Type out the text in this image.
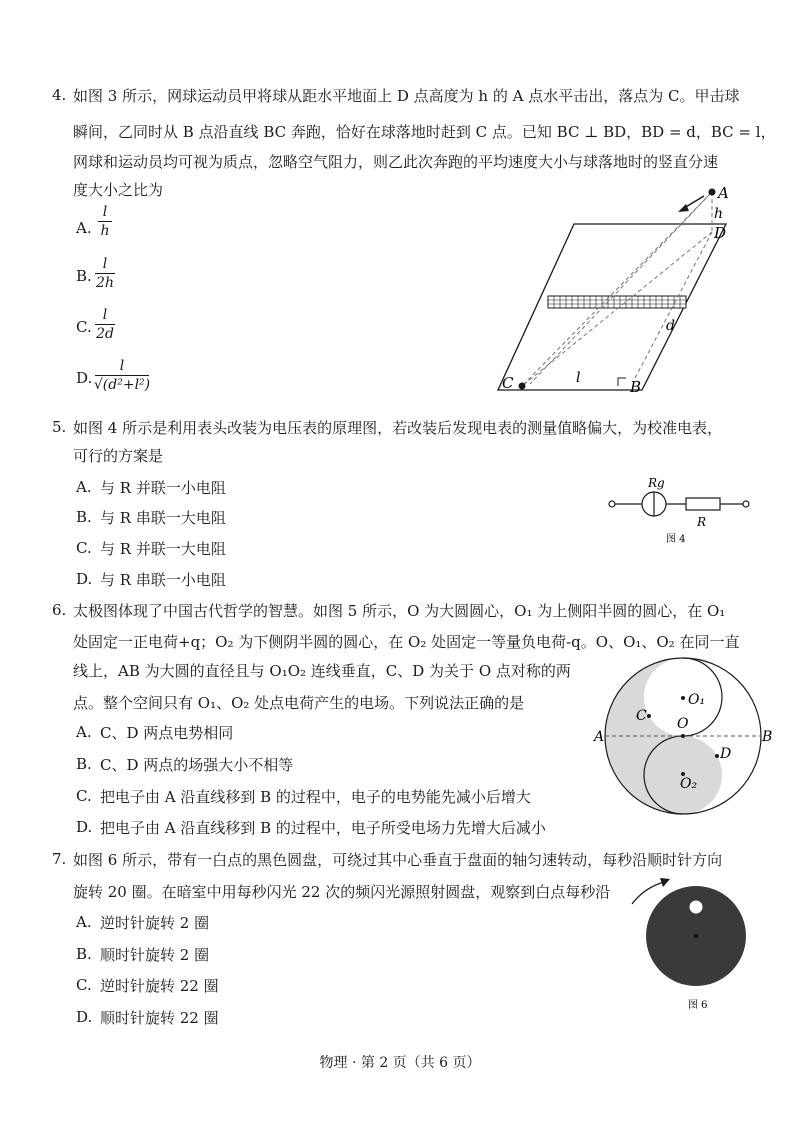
4. 如图 3 所示，网球运动员甲将球从距水平地面上 D 点高度为 h 的 A 点水平击出，落点为 C。甲击球
瞬间，乙同时从 B 点沿直线 BC 奔跑，恰好在球落地时赶到 C 点。已知 BC ⊥ BD，BD = d，BC = l，
网球和运动员均可视为质点，忽略空气阻力，则乙此次奔跑的平均速度大小与球落地时的竖直分速
度大小之比为
A.
l
h
B.
l
2h
C.
l
2d
D.
l
√(d²+l²)
A
h
D
d
C	l	B
5. 如图 4 所示是利用表头改装为电压表的原理图，若改装后发现电表的测量值略偏大，为校准电表，
可行的方案是
A. 与 R 并联一小电阻
B. 与 R 串联一大电阻
C. 与 R 并联一大电阻
D. 与 R 串联一小电阻
Rg
R
图 4
6. 太极图体现了中国古代哲学的智慧。如图 5 所示，O 为大圆圆心，O₁ 为上侧阳半圆的圆心，在 O₁
处固定一正电荷+q；O₂ 为下侧阴半圆的圆心，在 O₂ 处固定一等量负电荷-q。O、O₁、O₂ 在同一直
线上，AB 为大圆的直径且与 O₁O₂ 连线垂直，C、D 为关于 O 点对称的两
点。整个空间只有 O₁、O₂ 处点电荷产生的电场。下列说法正确的是
A. C、D 两点电势相同
B. C、D 两点的场强大小不相等
C. 把电子由 A 沿直线移到 B 的过程中，电子的电势能先减小后增大
D. 把电子由 A 沿直线移到 B 的过程中，电子所受电场力先增大后减小
O₁
O
O₂
A	B
C
D
7. 如图 6 所示，带有一白点的黑色圆盘，可绕过其中心垂直于盘面的轴匀速转动，每秒沿顺时针方向
旋转 20 圈。在暗室中用每秒闪光 22 次的频闪光源照射圆盘，观察到白点每秒沿
A. 逆时针旋转 2 圈
B. 顺时针旋转 2 圈
C. 逆时针旋转 22 圈
D. 顺时针旋转 22 圈
图 6
物理 · 第 2 页（共 6 页）
